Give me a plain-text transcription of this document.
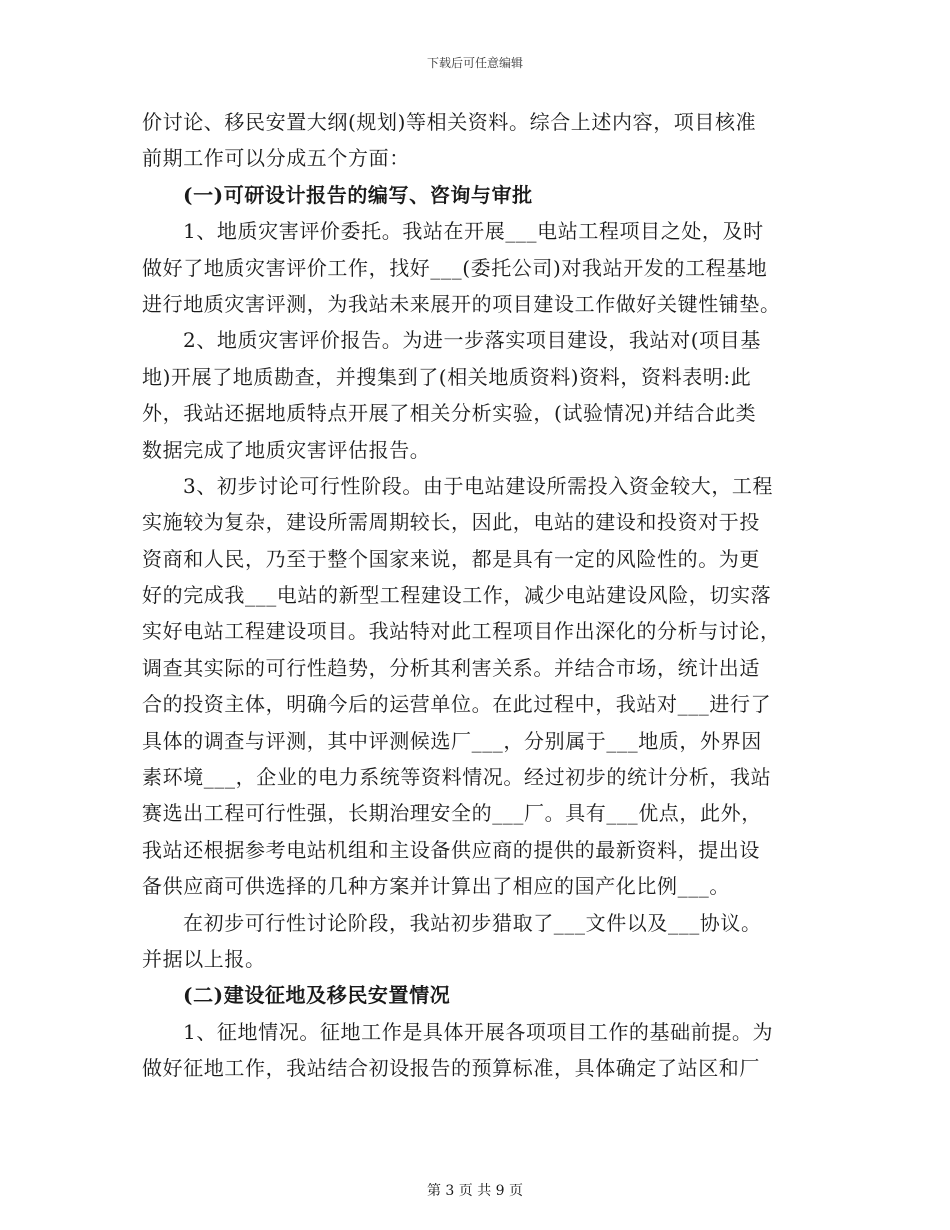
下载后可任意编辑
价讨论、移民安置大纲(规划)等相关资料。综合上述内容，项目核准
前期工作可以分成五个方面：
(一)可研设计报告的编写、咨询与审批
1、地质灾害评价委托。我站在开展___电站工程项目之处，及时
做好了地质灾害评价工作，找好___(委托公司)对我站开发的工程基地
进行地质灾害评测，为我站未来展开的项目建设工作做好关键性铺垫。
2、地质灾害评价报告。为进一步落实项目建设，我站对(项目基
地)开展了地质勘查，并搜集到了(相关地质资料)资料，资料表明:此
外，我站还据地质特点开展了相关分析实验，(试验情况)并结合此类
数据完成了地质灾害评估报告。
3、初步讨论可行性阶段。由于电站建设所需投入资金较大，工程
实施较为复杂，建设所需周期较长，因此，电站的建设和投资对于投
资商和人民，乃至于整个国家来说，都是具有一定的风险性的。为更
好的完成我___电站的新型工程建设工作，减少电站建设风险，切实落
实好电站工程建设项目。我站特对此工程项目作出深化的分析与讨论，
调查其实际的可行性趋势，分析其利害关系。并结合市场，统计出适
合的投资主体，明确今后的运营单位。在此过程中，我站对___进行了
具体的调查与评测，其中评测候选厂___，分别属于___地质，外界因
素环境___，企业的电力系统等资料情况。经过初步的统计分析，我站
赛选出工程可行性强，长期治理安全的___厂。具有___优点，此外，
我站还根据参考电站机组和主设备供应商的提供的最新资料，提出设
备供应商可供选择的几种方案并计算出了相应的国产化比例___。
在初步可行性讨论阶段，我站初步猎取了___文件以及___协议。
并据以上报。
(二)建设征地及移民安置情况
1、征地情况。征地工作是具体开展各项项目工作的基础前提。为
做好征地工作，我站结合初设报告的预算标准，具体确定了站区和厂
第 3 页 共 9 页
